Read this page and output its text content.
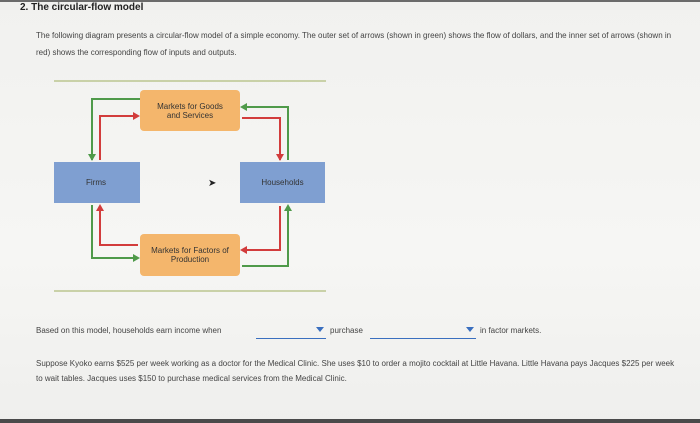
2. The circular-flow model
The following diagram presents a circular-flow model of a simple economy. The outer set of arrows (shown in green) shows the flow of dollars, and the inner set of arrows (shown in red) shows the corresponding flow of inputs and outputs.
Markets for Goods and Services
Markets for Factors of Production
Firms	Households
➤
Based on this model, households earn income when	purchase	in factor markets.
Suppose Kyoko earns $525 per week working as a doctor for the Medical Clinic. She uses $10 to order a mojito cocktail at Little Havana. Little Havana pays Jacques $225 per week to wait tables. Jacques uses $150 to purchase medical services from the Medical Clinic.
